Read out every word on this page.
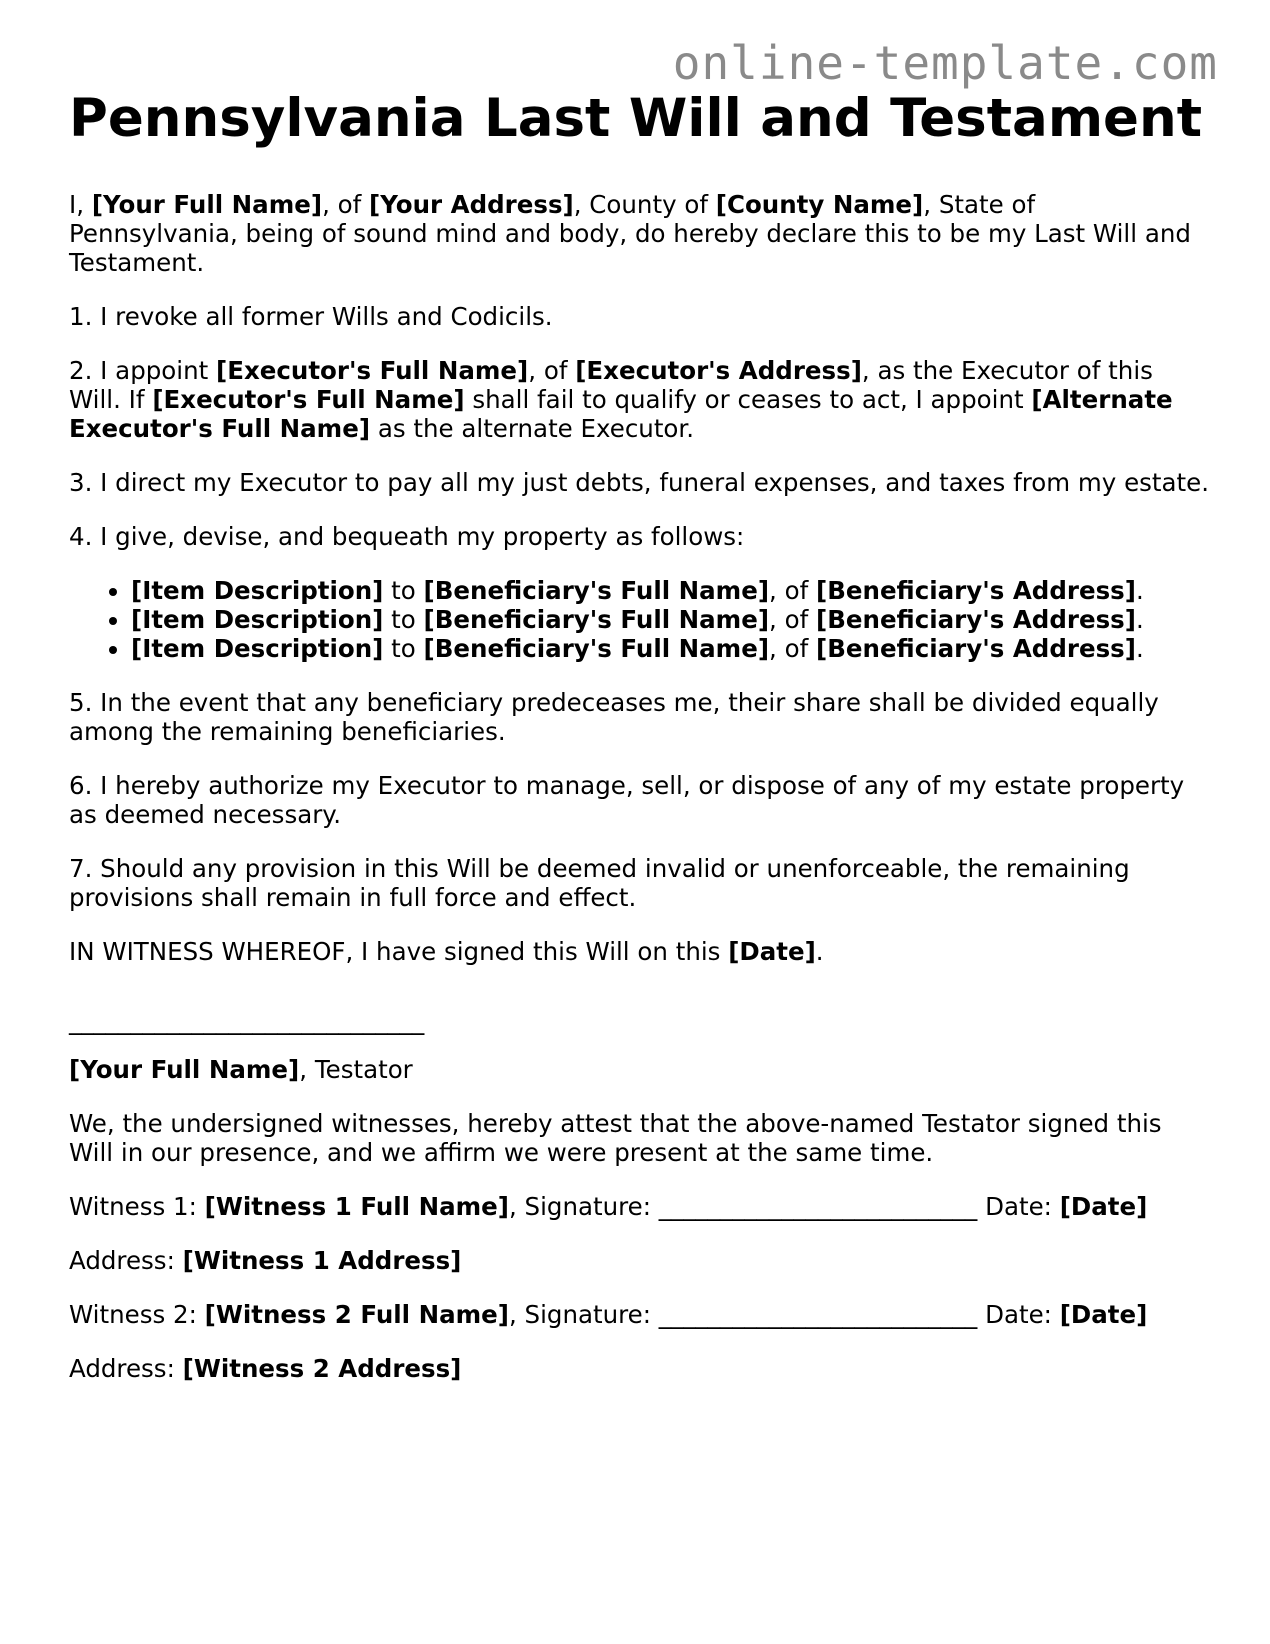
online-template.com
Pennsylvania Last Will and Testament

I, [Your Full Name], of [Your Address], County of [County Name], State of Pennsylvania, being of sound mind and body, do hereby declare this to be my Last Will and Testament.

1. I revoke all former Wills and Codicils.

2. I appoint [Executor's Full Name], of [Executor's Address], as the Executor of this Will. If [Executor's Full Name] shall fail to qualify or ceases to act, I appoint [Alternate Executor's Full Name] as the alternate Executor.

3. I direct my Executor to pay all my just debts, funeral expenses, and taxes from my estate.

4. I give, devise, and bequeath my property as follows:

• [Item Description] to [Beneficiary's Full Name], of [Beneficiary's Address].
• [Item Description] to [Beneficiary's Full Name], of [Beneficiary's Address].
• [Item Description] to [Beneficiary's Full Name], of [Beneficiary's Address].

5. In the event that any beneficiary predeceases me, their share shall be divided equally among the remaining beneficiaries.

6. I hereby authorize my Executor to manage, sell, or dispose of any of my estate property as deemed necessary.

7. Should any provision in this Will be deemed invalid or unenforceable, the remaining provisions shall remain in full force and effect.

IN WITNESS WHEREOF, I have signed this Will on this [Date].

_____________________________

[Your Full Name], Testator

We, the undersigned witnesses, hereby attest that the above-named Testator signed this Will in our presence, and we affirm we were present at the same time.

Witness 1: [Witness 1 Full Name], Signature: __________________________ Date: [Date]

Address: [Witness 1 Address]

Witness 2: [Witness 2 Full Name], Signature: __________________________ Date: [Date]

Address: [Witness 2 Address]
